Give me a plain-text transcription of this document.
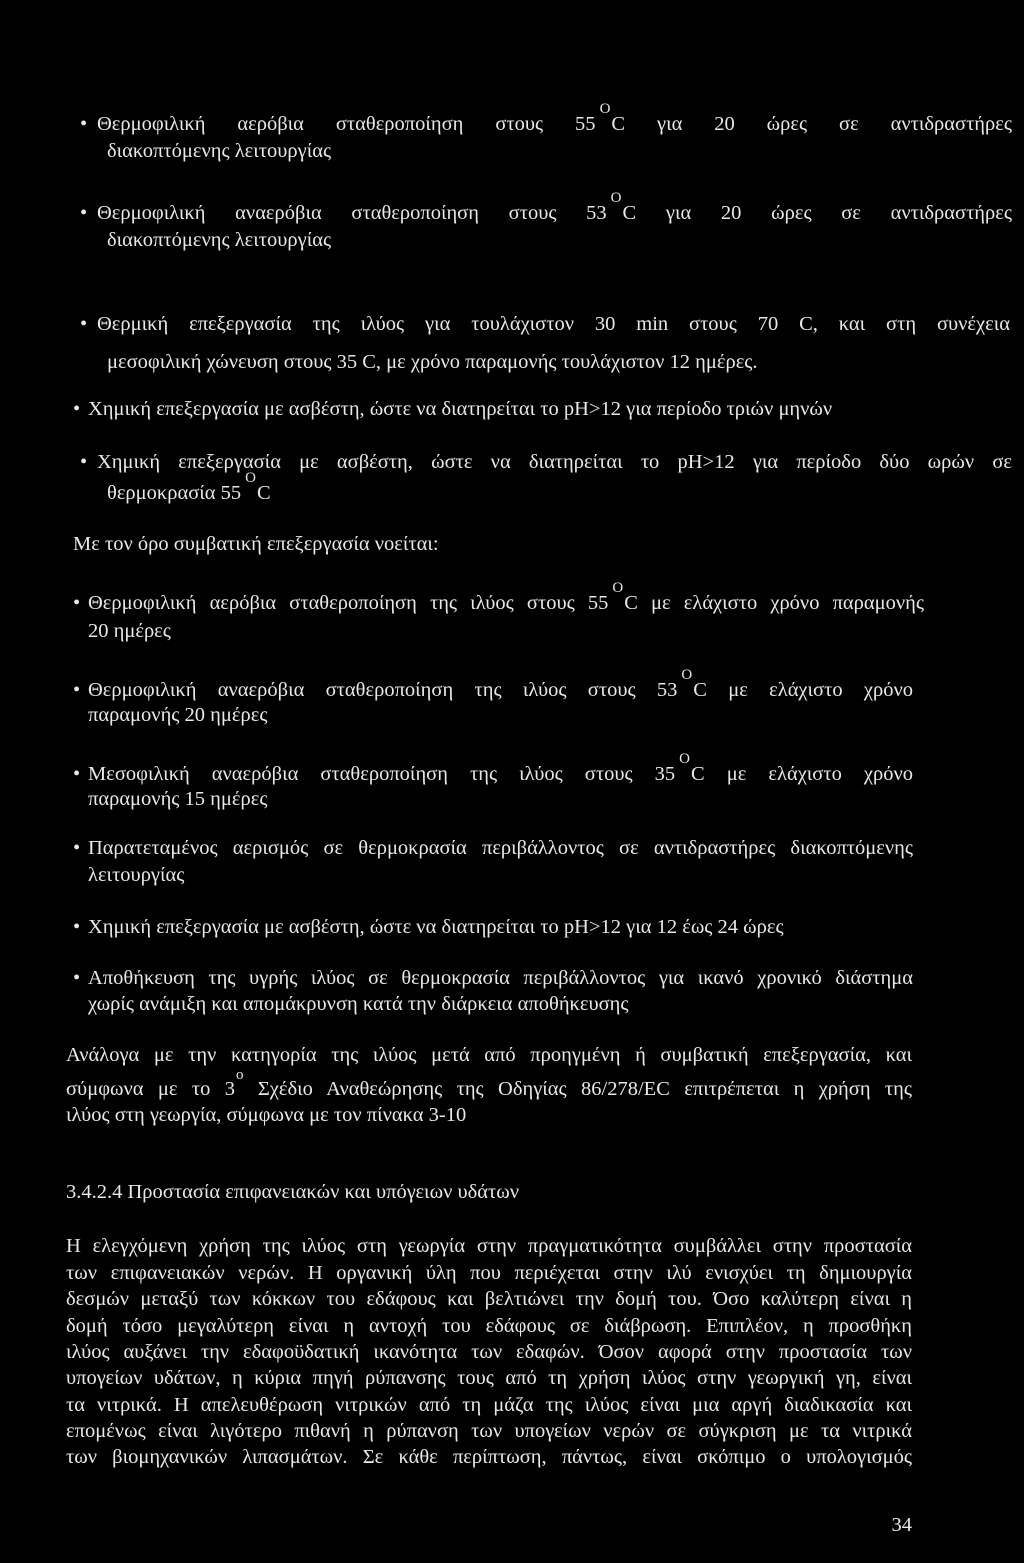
• Θερμοφιλική αερόβια σταθεροποίηση στους $55^OC$ για 20 ώρες σε αντιδραστήρες
διακοπτόμενης λειτουργίας
• Θερμοφιλική αναερόβια σταθεροποίηση στους $53^OC$ για 20 ώρες σε αντιδραστήρες
διακοπτόμενης λειτουργίας
• Θερμική επεξεργασία της ιλύος για τουλάχιστον 30 min στους 70 C, και στη συνέχεια
μεσοφιλική χώνευση στους 35 C, με χρόνο παραμονής τουλάχιστον 12 ημέρες.
• Χημική επεξεργασία με ασβέστη, ώστε να διατηρείται το pH>12 για περίοδο τριών μηνών
• Χημική επεξεργασία με ασβέστη, ώστε να διατηρείται το pH>12 για περίοδο δύο ωρών σε
θερμοκρασία $55^OC$
Με τον όρο συμβατική επεξεργασία νοείται:
• Θερμοφιλική αερόβια σταθεροποίηση της ιλύος στους $55^OC$ με ελάχιστο χρόνο παραμονής
20 ημέρες
• Θερμοφιλική αναερόβια σταθεροποίηση της ιλύος στους $53^OC$ με ελάχιστο χρόνο
παραμονής 20 ημέρες
• Μεσοφιλική αναερόβια σταθεροποίηση της ιλύος στους $35^OC$ με ελάχιστο χρόνο
παραμονής 15 ημέρες
• Παρατεταμένος αερισμός σε θερμοκρασία περιβάλλοντος σε αντιδραστήρες διακοπτόμενης
λειτουργίας
• Χημική επεξεργασία με ασβέστη, ώστε να διατηρείται το pH>12 για 12 έως 24 ώρες
• Αποθήκευση της υγρής ιλύος σε θερμοκρασία περιβάλλοντος για ικανό χρονικό διάστημα
χωρίς ανάμιξη και απομάκρυνση κατά την διάρκεια αποθήκευσης
Ανάλογα με την κατηγορία της ιλύος μετά από προηγμένη ή συμβατική επεξεργασία, και
σύμφωνα με το 3$^o$ Σχέδιο Αναθεώρησης της Οδηγίας 86/278/EC επιτρέπεται η χρήση της
ιλύος στη γεωργία, σύμφωνα με τον πίνακα 3-10
3.4.2.4 Προστασία επιφανειακών και υπόγειων υδάτων
Η ελεγχόμενη χρήση της ιλύος στη γεωργία στην πραγματικότητα συμβάλλει στην προστασία
των επιφανειακών νερών. Η οργανική ύλη που περιέχεται στην ιλύ ενισχύει τη δημιουργία
δεσμών μεταξύ των κόκκων του εδάφους και βελτιώνει την δομή του. Όσο καλύτερη είναι η
δομή τόσο μεγαλύτερη είναι η αντοχή του εδάφους σε διάβρωση. Επιπλέον, η προσθήκη
ιλύος αυξάνει την εδαφοϋδατική ικανότητα των εδαφών. Όσον αφορά στην προστασία των
υπογείων υδάτων, η κύρια πηγή ρύπανσης τους από τη χρήση ιλύος στην γεωργική γη, είναι
τα νιτρικά. Η απελευθέρωση νιτρικών από τη μάζα της ιλύος είναι μια αργή διαδικασία και
επομένως είναι λιγότερο πιθανή η ρύπανση των υπογείων νερών σε σύγκριση με τα νιτρικά
των βιομηχανικών λιπασμάτων. Σε κάθε περίπτωση, πάντως, είναι σκόπιμο ο υπολογισμός
34
